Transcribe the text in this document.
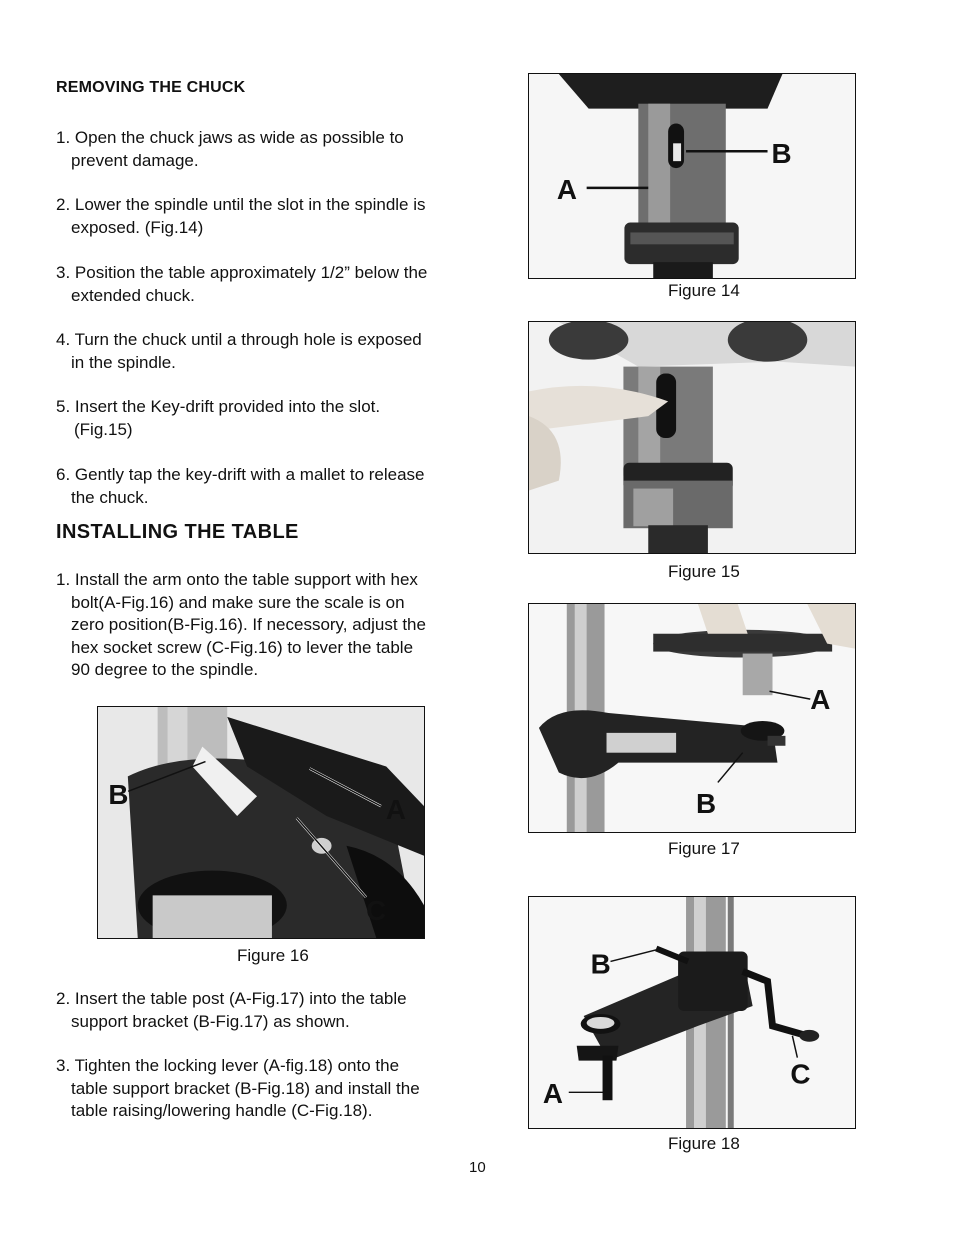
REMOVING THE CHUCK
1. Open the chuck jaws as wide as possible to
prevent damage.
2. Lower the spindle until the slot in the spindle is
exposed. (Fig.14)
3. Position the table approximately 1/2” below the
extended chuck.
4. Turn the chuck until a through hole is exposed
in the spindle.
5. Insert the Key-drift provided into the slot.
(Fig.15)
6. Gently tap the key-drift with a mallet to release
the chuck.
INSTALLING THE TABLE
1. Install the arm onto the table support with hex
bolt(A-Fig.16) and make sure the scale is on
zero position(B-Fig.16). If necessory, adjust the
hex socket screw (C-Fig.16) to lever the table
90 degree to the spindle.
B	A
C
Figure 16
2. Insert the table post (A-Fig.17) into the table
support bracket (B-Fig.17) as shown.
3. Tighten the locking lever (A-fig.18) onto the
table support bracket (B-Fig.18) and install the
table raising/lowering handle (C-Fig.18).
B
A
Figure 14
Figure 15
A
B
Figure 17
B
C
A
Figure 18
10
